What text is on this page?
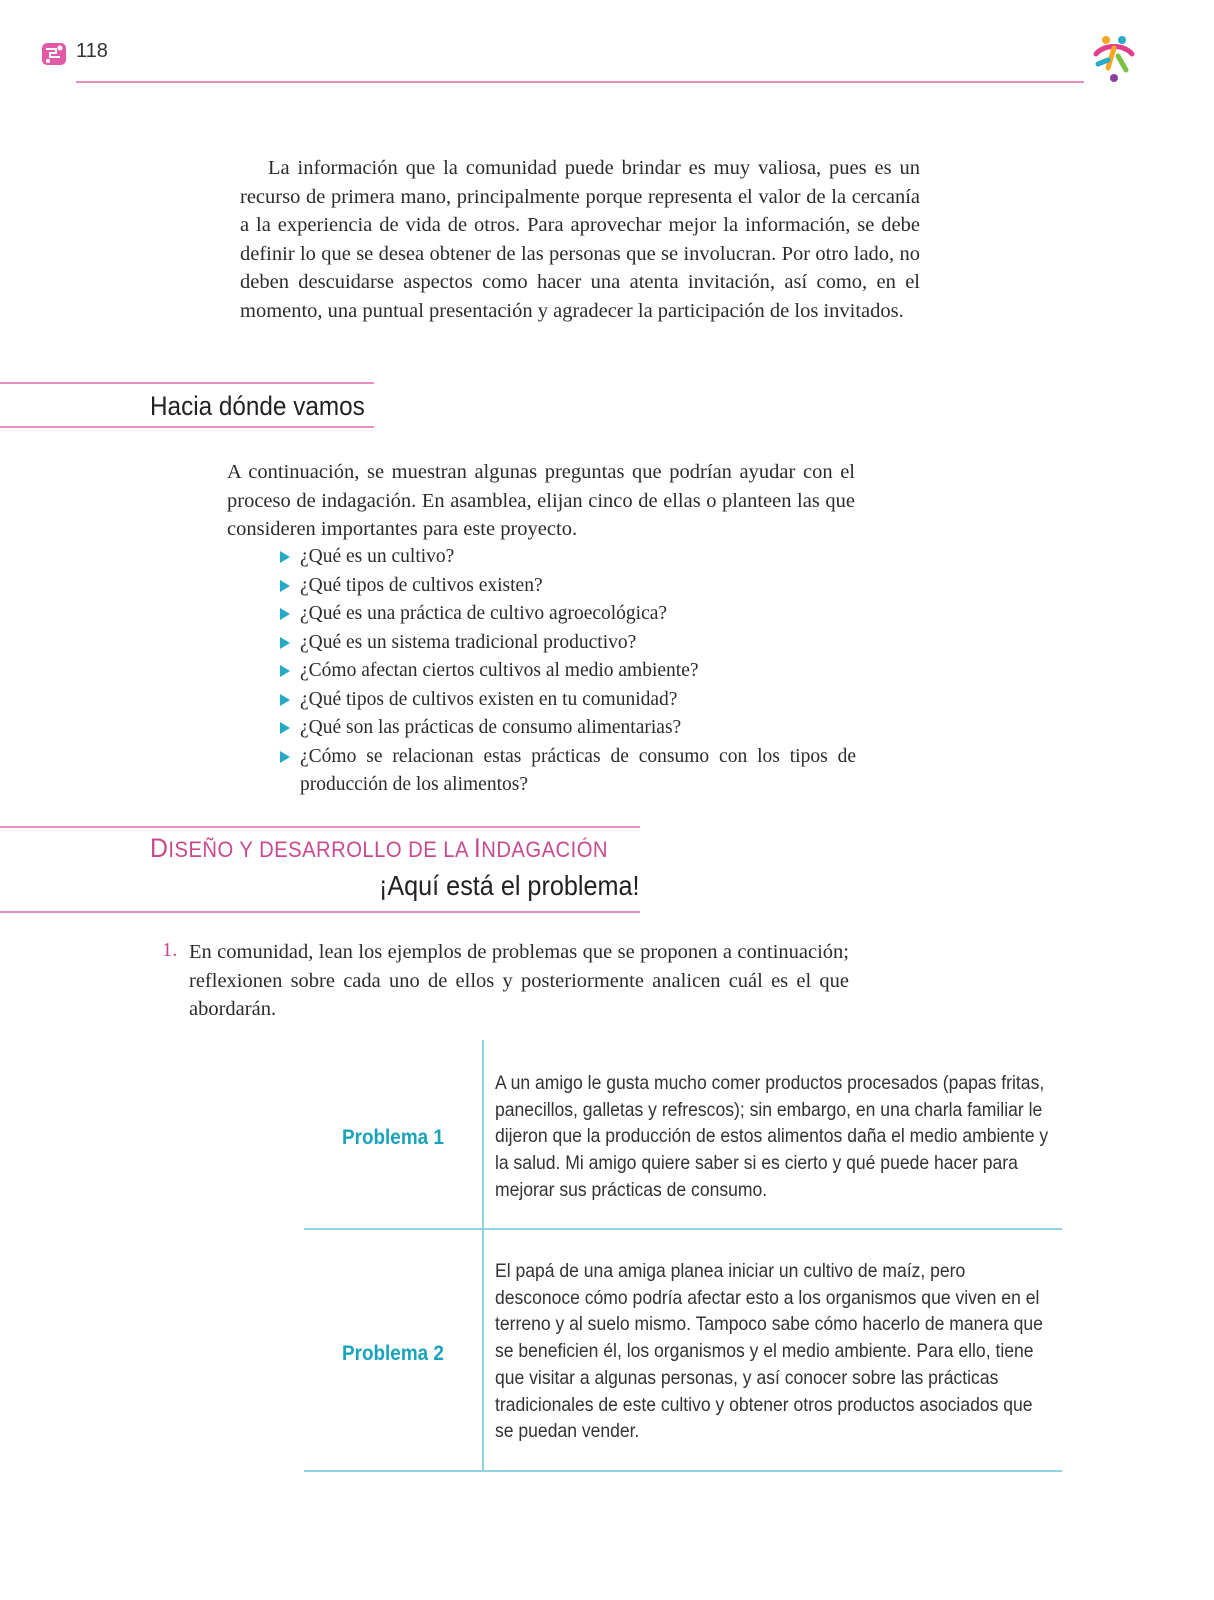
118

La información que la comunidad puede brindar es muy valiosa, pues es un recurso de primera mano, principalmente porque representa el valor de la cercanía a la experiencia de vida de otros. Para aprovechar mejor la información, se debe definir lo que se desea obtener de las personas que se involucran. Por otro lado, no deben descuidarse aspectos como hacer una atenta invitación, así como, en el momento, una puntual presentación y agradecer la participación de los invitados.

Hacia dónde vamos

A continuación, se muestran algunas preguntas que podrían ayudar con el proceso de indagación. En asamblea, elijan cinco de ellas o planteen las que consideren importantes para este proyecto.

¿Qué es un cultivo?
¿Qué tipos de cultivos existen?
¿Qué es una práctica de cultivo agroecológica?
¿Qué es un sistema tradicional productivo?
¿Cómo afectan ciertos cultivos al medio ambiente?
¿Qué tipos de cultivos existen en tu comunidad?
¿Qué son las prácticas de consumo alimentarias?
¿Cómo se relacionan estas prácticas de consumo con los tipos de producción de los alimentos?
DISEÑO Y DESARROLLO DE LA INDAGACIÓN
¡Aquí está el problema!
1. En comunidad, lean los ejemplos de problemas que se proponen a continuación; reflexionen sobre cada uno de ellos y posteriormente analicen cuál es el que abordarán.

Problema 1

A un amigo le gusta mucho comer productos procesados (papas fritas, panecillos, galletas y refrescos); sin embargo, en una charla familiar le dijeron que la producción de estos alimentos daña el medio ambiente y la salud. Mi amigo quiere saber si es cierto y qué puede hacer para mejorar sus prácticas de consumo.

Problema 2

El papá de una amiga planea iniciar un cultivo de maíz, pero desconoce cómo podría afectar esto a los organismos que viven en el terreno y al suelo mismo. Tampoco sabe cómo hacerlo de manera que se beneficien él, los organismos y el medio ambiente. Para ello, tiene que visitar a algunas personas, y así conocer sobre las prácticas tradicionales de este cultivo y obtener otros productos asociados que se puedan vender.
